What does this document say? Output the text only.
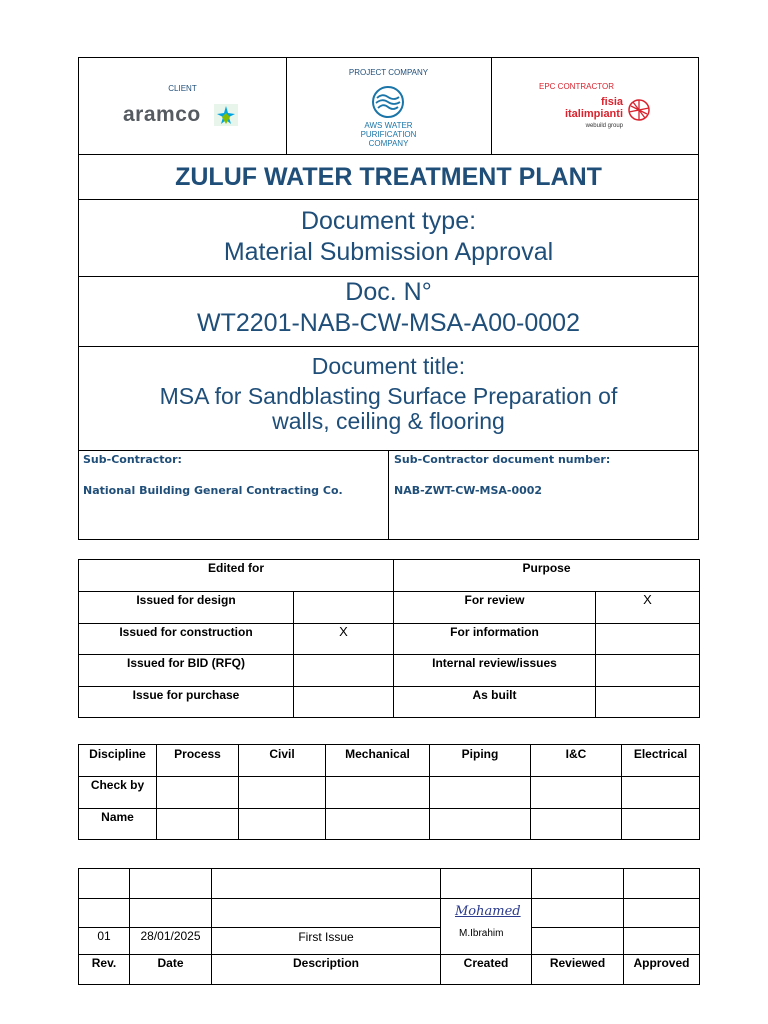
CLIENT
aramco
PROJECT COMPANY
AWS WATER
PURIFICATION
COMPANY
EPC CONTRACTOR
fisia
italimpianti
webuild group
ZULUF WATER TREATMENT PLANT
Document type:
Material Submission Approval
Doc. N°
WT2201-NAB-CW-MSA-A00-0002
Document title:
MSA for Sandblasting Surface Preparation of
walls, ceiling & flooring
Sub-Contractor:
National Building General Contracting Co.
Sub-Contractor document number:
NAB-ZWT-CW-MSA-0002
Edited for		Purpose	
Issued for design		For review	X
Issued for construction	X	For information	
Issued for BID (RFQ)		Internal review/issues	
Issue for purchase		As built	
Discipline	Process	Civil	Mechanical	Piping	I&C	Electrical
Check by						
Name						

			Mohamed		

01	28/01/2025	First Issue	M.Ibrahim		
Rev.	Date	Description	Created	Reviewed	Approved
